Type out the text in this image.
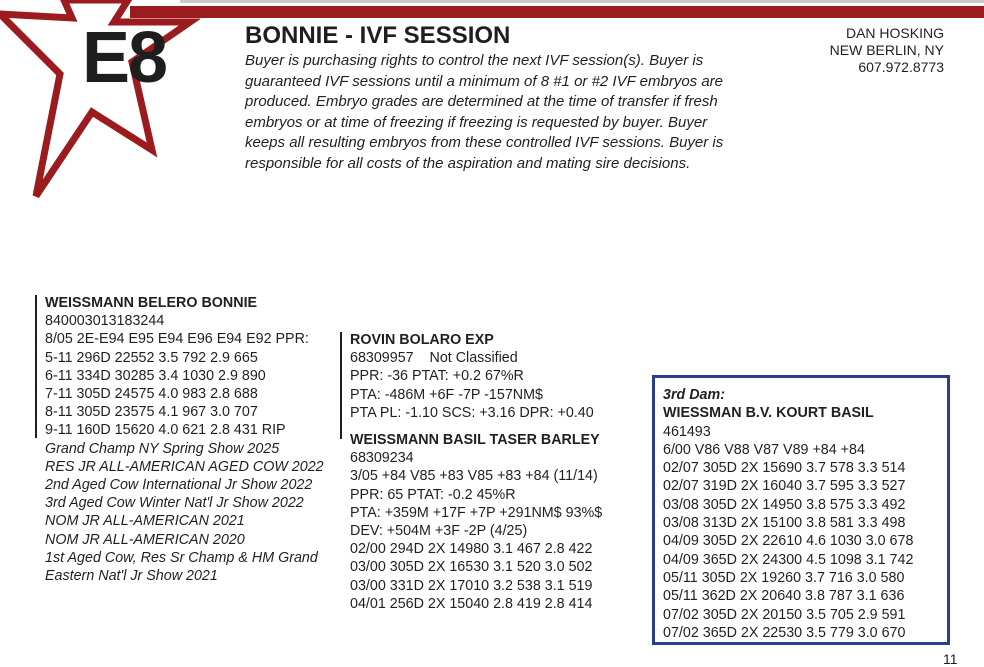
E8	BONNIE - IVF SESSION
Buyer is purchasing rights to control the next IVF session(s). Buyer is
guaranteed IVF sessions until a minimum of 8 #1 or #2 IVF embryos are
produced. Embryo grades are determined at the time of transfer if fresh
embryos or at time of freezing if freezing is requested by buyer. Buyer
keeps all resulting embryos from these controlled IVF sessions. Buyer is
responsible for all costs of the aspiration and mating sire decisions.
DAN HOSKING
NEW BERLIN, NY
607.972.8773
WEISSMANN BELERO BONNIE
840003013183244
8/05 2E-E94 E95 E94 E96 E94 E92 PPR:
5-11 296D 22552 3.5 792 2.9 665
6-11 334D 30285 3.4 1030 2.9 890
7-11 305D 24575 4.0 983 2.8 688
8-11 305D 23575 4.1 967 3.0 707
9-11 160D 15620 4.0 621 2.8 431 RIP
Grand Champ NY Spring Show 2025
RES JR ALL-AMERICAN AGED COW 2022
2nd Aged Cow International Jr Show 2022
3rd Aged Cow Winter Nat'l Jr Show 2022
NOM JR ALL-AMERICAN 2021
NOM JR ALL-AMERICAN 2020
1st Aged Cow, Res Sr Champ & HM Grand
Eastern Nat'l Jr Show 2021
ROVIN BOLARO EXP
68309957    Not Classified
PPR: -36 PTAT: +0.2 67%R
PTA: -486M +6F -7P -157NM$
PTA PL: -1.10 SCS: +3.16 DPR: +0.40
WEISSMANN BASIL TASER BARLEY
68309234
3/05 +84 V85 +83 V85 +83 +84 (11/14)
PPR: 65 PTAT: -0.2 45%R
PTA: +359M +17F +7P +291NM$ 93%$
DEV: +504M +3F -2P (4/25)
02/00 294D 2X 14980 3.1 467 2.8 422
03/00 305D 2X 16530 3.1 520 3.0 502
03/00 331D 2X 17010 3.2 538 3.1 519
04/01 256D 2X 15040 2.8 419 2.8 414
3rd Dam:
WIESSMAN B.V. KOURT BASIL
461493
6/00 V86 V88 V87 V89 +84 +84
02/07 305D 2X 15690 3.7 578 3.3 514
02/07 319D 2X 16040 3.7 595 3.3 527
03/08 305D 2X 14950 3.8 575 3.3 492
03/08 313D 2X 15100 3.8 581 3.3 498
04/09 305D 2X 22610 4.6 1030 3.0 678
04/09 365D 2X 24300 4.5 1098 3.1 742
05/11 305D 2X 19260 3.7 716 3.0 580
05/11 362D 2X 20640 3.8 787 3.1 636
07/02 305D 2X 20150 3.5 705 2.9 591
07/02 365D 2X 22530 3.5 779 3.0 670
11
